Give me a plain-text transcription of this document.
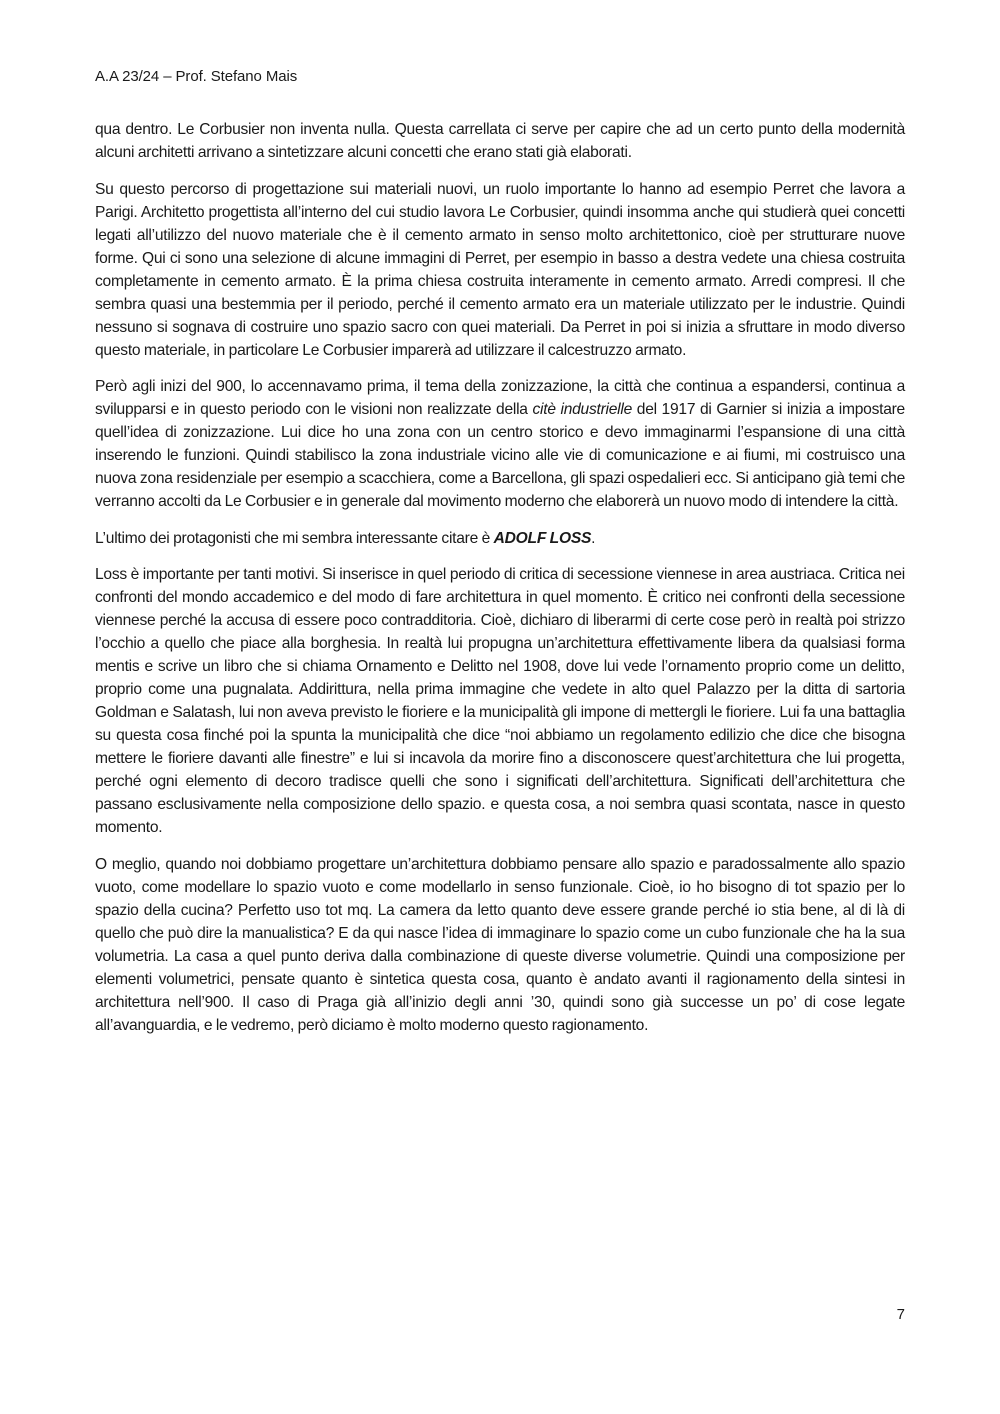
A.A 23/24 – Prof. Stefano Mais

qua dentro. Le Corbusier non inventa nulla. Questa carrellata ci serve per capire che ad un certo punto della modernità alcuni architetti arrivano a sintetizzare alcuni concetti che erano stati già elaborati.

Su questo percorso di progettazione sui materiali nuovi, un ruolo importante lo hanno ad esempio Perret che lavora a Parigi. Architetto progettista all’interno del cui studio lavora Le Corbusier, quindi insomma anche qui studierà quei concetti legati all’utilizzo del nuovo materiale che è il cemento armato in senso molto architettonico, cioè per strutturare nuove forme. Qui ci sono una selezione di alcune immagini di Perret, per esempio in basso a destra vedete una chiesa costruita completamente in cemento armato. È la prima chiesa costruita interamente in cemento armato. Arredi compresi. Il che sembra quasi una bestemmia per il periodo, perché il cemento armato era un materiale utilizzato per le industrie. Quindi nessuno si sognava di costruire uno spazio sacro con quei materiali. Da Perret in poi si inizia a sfruttare in modo diverso questo materiale, in particolare Le Corbusier imparerà ad utilizzare il calcestruzzo armato.

Però agli inizi del 900, lo accennavamo prima, il tema della zonizzazione, la città che continua a espandersi, continua a svilupparsi e in questo periodo con le visioni non realizzate della citè industrielle del 1917 di Garnier si inizia a impostare quell’idea di zonizzazione. Lui dice ho una zona con un centro storico e devo immaginarmi l’espansione di una città inserendo le funzioni. Quindi stabilisco la zona industriale vicino alle vie di comunicazione e ai fiumi, mi costruisco una nuova zona residenziale per esempio a scacchiera, come a Barcellona, gli spazi ospedalieri ecc. Si anticipano già temi che verranno accolti da Le Corbusier e in generale dal movimento moderno che elaborerà un nuovo modo di intendere la città.

L’ultimo dei protagonisti che mi sembra interessante citare è ADOLF LOSS.

Loss è importante per tanti motivi. Si inserisce in quel periodo di critica di secessione viennese in area austriaca. Critica nei confronti del mondo accademico e del modo di fare architettura in quel momento. È critico nei confronti della secessione viennese perché la accusa di essere poco contradditoria. Cioè, dichiaro di liberarmi di certe cose però in realtà poi strizzo l’occhio a quello che piace alla borghesia. In realtà lui propugna un’architettura effettivamente libera da qualsiasi forma mentis e scrive un libro che si chiama Ornamento e Delitto nel 1908, dove lui vede l’ornamento proprio come un delitto, proprio come una pugnalata. Addirittura, nella prima immagine che vedete in alto quel Palazzo per la ditta di sartoria Goldman e Salatash, lui non aveva previsto le fioriere e la municipalità gli impone di mettergli le fioriere. Lui fa una battaglia su questa cosa finché poi la spunta la municipalità che dice “noi abbiamo un regolamento edilizio che dice che bisogna mettere le fioriere davanti alle finestre” e lui si incavola da morire fino a disconoscere quest’architettura che lui progetta, perché ogni elemento di decoro tradisce quelli che sono i significati dell’architettura. Significati dell’architettura che passano esclusivamente nella composizione dello spazio. e questa cosa, a noi sembra quasi scontata, nasce in questo momento.

O meglio, quando noi dobbiamo progettare un’architettura dobbiamo pensare allo spazio e paradossalmente allo spazio vuoto, come modellare lo spazio vuoto e come modellarlo in senso funzionale. Cioè, io ho bisogno di tot spazio per lo spazio della cucina? Perfetto uso tot mq. La camera da letto quanto deve essere grande perché io stia bene, al di là di quello che può dire la manualistica? E da qui nasce l’idea di immaginare lo spazio come un cubo funzionale che ha la sua volumetria. La casa a quel punto deriva dalla combinazione di queste diverse volumetrie. Quindi una composizione per elementi volumetrici, pensate quanto è sintetica questa cosa, quanto è andato avanti il ragionamento della sintesi in architettura nell’900. Il caso di Praga già all’inizio degli anni ’30, quindi sono già successe un po’ di cose legate all’avanguardia, e le vedremo, però diciamo è molto moderno questo ragionamento.

7
